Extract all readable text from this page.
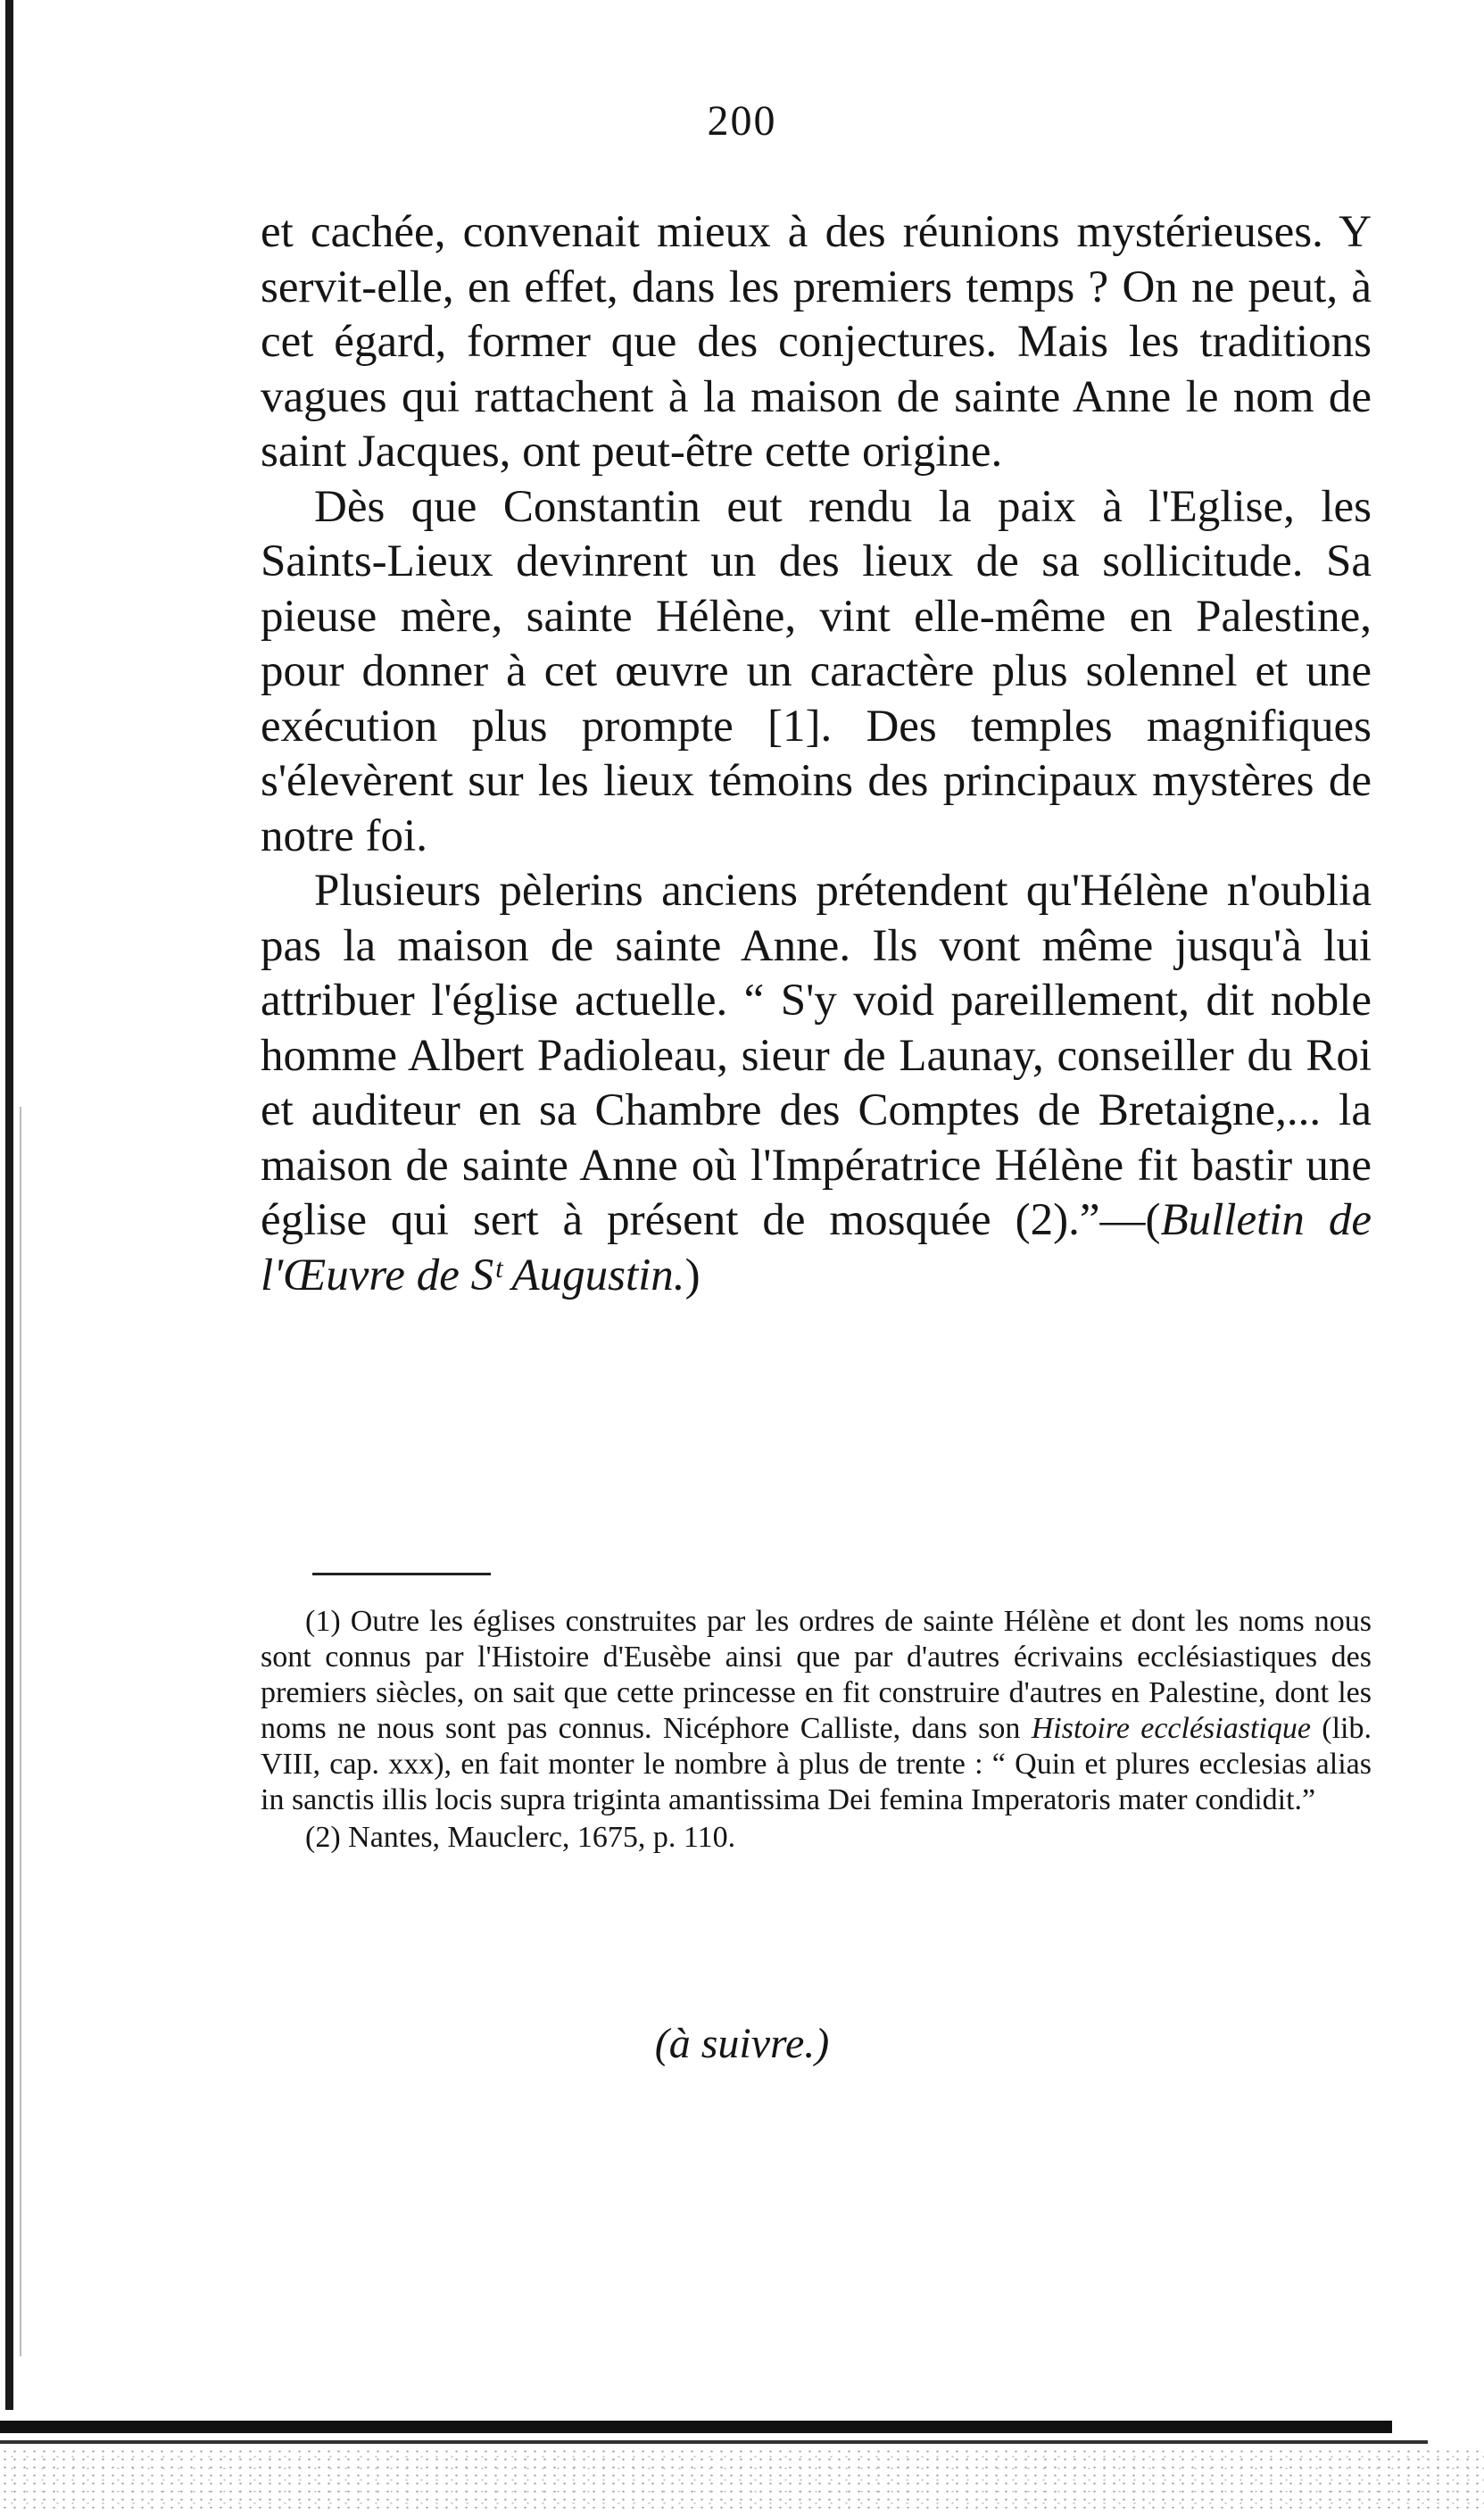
200

et cachée, convenait mieux à des réunions mystérieuses. Y servit-elle, en effet, dans les premiers temps ? On ne peut, à cet égard, former que des conjectures. Mais les traditions vagues qui rattachent à la maison de sainte Anne le nom de saint Jacques, ont peut-être cette origine.

Dès que Constantin eut rendu la paix à l'Eglise, les Saints-Lieux devinrent un des lieux de sa sollicitude. Sa pieuse mère, sainte Hélène, vint elle-même en Palestine, pour donner à cet œuvre un caractère plus solennel et une exécution plus prompte [1]. Des temples magnifiques s'élevèrent sur les lieux témoins des principaux mystères de notre foi.

Plusieurs pèlerins anciens prétendent qu'Hélène n'oublia pas la maison de sainte Anne. Ils vont même jusqu'à lui attribuer l'église actuelle. “ S'y void pareillement, dit noble homme Albert Padioleau, sieur de Launay, conseiller du Roi et auditeur en sa Chambre des Comptes de Bretaigne,... la maison de sainte Anne où l'Impératrice Hélène fit bastir une église qui sert à présent de mosquée (2).”—(Bulletin de l'Œuvre de Sᵗ Augustin.)

(1) Outre les églises construites par les ordres de sainte Hélène et dont les noms nous sont connus par l'Histoire d'Eusèbe ainsi que par d'autres écrivains ecclésiastiques des premiers siècles, on sait que cette princesse en fit construire d'autres en Palestine, dont les noms ne nous sont pas connus. Nicéphore Calliste, dans son Histoire ecclésiastique (lib. VIII, cap. xxx), en fait monter le nombre à plus de trente : “ Quin et plures ecclesias alias in sanctis illis locis supra triginta amantissima Dei femina Imperatoris mater condidit.”

(2) Nantes, Mauclerc, 1675, p. 110.

(à suivre.)
